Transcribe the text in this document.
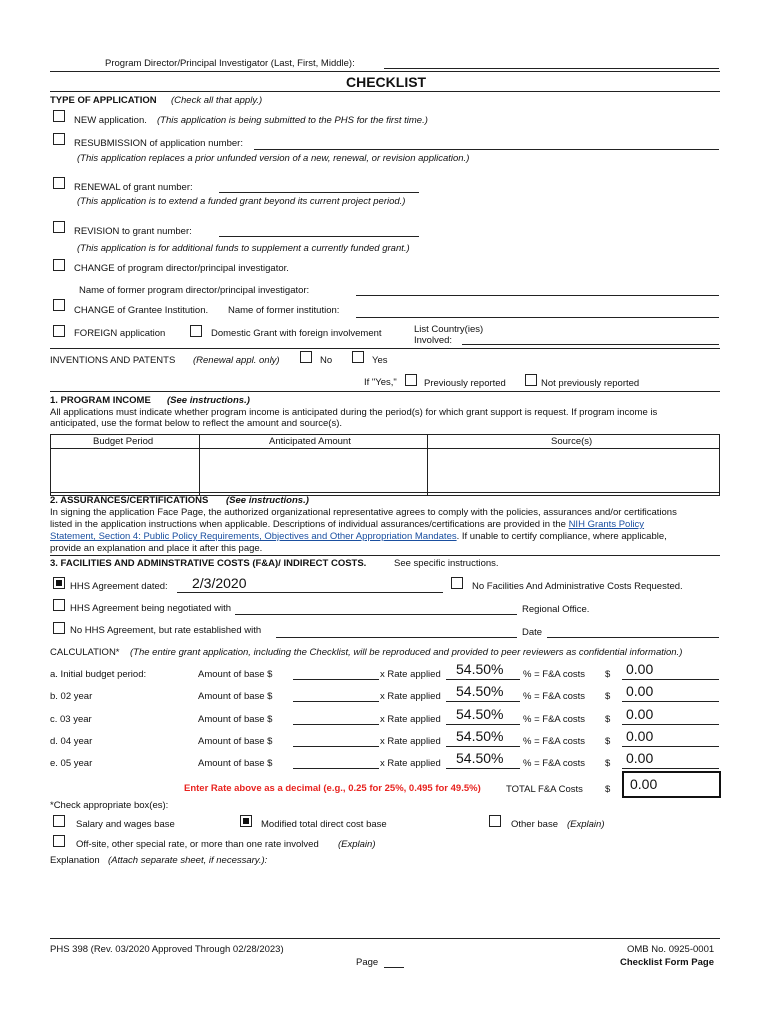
Program Director/Principal Investigator (Last, First, Middle):
CHECKLIST
TYPE OF APPLICATION (Check all that apply.)
NEW application. (This application is being submitted to the PHS for the first time.)
RESUBMISSION of application number:
(This application replaces a prior unfunded version of a new, renewal, or revision application.)
RENEWAL of grant number:
(This application is to extend a funded grant beyond its current project period.)
REVISION to grant number:
(This application is for additional funds to supplement a currently funded grant.)
CHANGE of program director/principal investigator.
Name of former program director/principal investigator:
CHANGE of Grantee Institution. Name of former institution:
FOREIGN application	Domestic Grant with foreign involvement	List Country(ies)
Involved:
INVENTIONS AND PATENTS (Renewal appl. only)	No	Yes
If "Yes,"	Previously reported	Not previously reported
1. PROGRAM INCOME (See instructions.)
All applications must indicate whether program income is anticipated during the period(s) for which grant support is request. If program income is
anticipated, use the format below to reflect the amount and source(s).
Budget Period	Anticipated Amount	Source(s)
2. ASSURANCES/CERTIFICATIONS (See instructions.)
In signing the application Face Page, the authorized organizational representative agrees to comply with the policies, assurances and/or certifications
listed in the application instructions when applicable. Descriptions of individual assurances/certifications are provided in the NIH Grants Policy
Statement, Section 4: Public Policy Requirements, Objectives and Other Appropriation Mandates. If unable to certify compliance, where applicable,
provide an explanation and place it after this page.
3. FACILITIES AND ADMINSTRATIVE COSTS (F&A)/ INDIRECT COSTS.	See specific instructions.
HHS Agreement dated: 2/3/2020	No Facilities And Administrative Costs Requested.
HHS Agreement being negotiated with	Regional Office.
No HHS Agreement, but rate established with	Date
CALCULATION* (The entire grant application, including the Checklist, will be reproduced and provided to peer reviewers as confidential information.)
a. Initial budget period:	Amount of base $	x Rate applied 54.50% % = F&A costs $ 0.00
b. 02 year	Amount of base $	x Rate applied 54.50% % = F&A costs $ 0.00
c. 03 year	Amount of base $	x Rate applied 54.50% % = F&A costs $ 0.00
d. 04 year	Amount of base $	x Rate applied 54.50% % = F&A costs $ 0.00
e. 05 year	Amount of base $	x Rate applied 54.50% % = F&A costs $ 0.00
Enter Rate above as a decimal (e.g., 0.25 for 25%, 0.495 for 49.5%)	TOTAL F&A Costs $ 0.00
*Check appropriate box(es):
Salary and wages base	Modified total direct cost base	Other base (Explain)
Off-site, other special rate, or more than one rate involved (Explain)
Explanation (Attach separate sheet, if necessary.):
PHS 398 (Rev. 03/2020 Approved Through 02/28/2023)
Page
OMB No. 0925-0001
Checklist Form Page
